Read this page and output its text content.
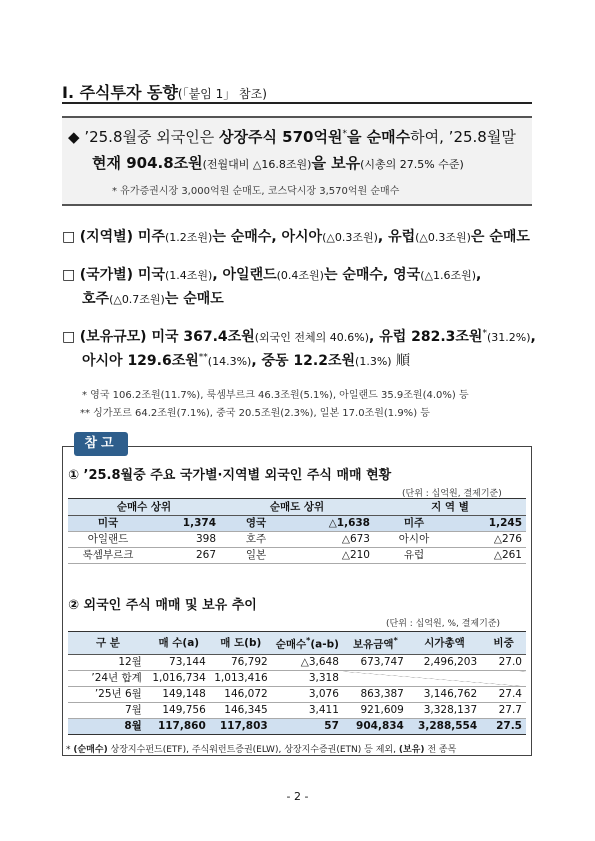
Ⅰ. 주식투자 동향(「붙임 1」 참조)
◆ ’25.8월중 외국인은 상장주식 570억원*을 순매수하여, ’25.8월말
현재 904.8조원(전월대비 △16.8조원)을 보유(시총의 27.5% 수준)
* 유가증권시장 3,000억원 순매도, 코스닥시장 3,570억원 순매수
□ (지역별) 미주(1.2조원)는 순매수, 아시아(△0.3조원), 유럽(△0.3조원)은 순매도
□ (국가별) 미국(1.4조원), 아일랜드(0.4조원)는 순매수, 영국(△1.6조원),
호주(△0.7조원)는 순매도
□ (보유규모) 미국 367.4조원(외국인 전체의 40.6%), 유럽 282.3조원*(31.2%),
아시아 129.6조원**(14.3%), 중동 12.2조원(1.3%) 順
* 영국 106.2조원(11.7%), 룩셈부르크 46.3조원(5.1%), 아일랜드 35.9조원(4.0%) 등
** 싱가포르 64.2조원(7.1%), 중국 20.5조원(2.3%), 일본 17.0조원(1.9%) 등
참고
① ’25.8월중 주요 국가별·지역별 외국인 주식 매매 현황
(단위 : 십억원, 결제기준)
순매수 상위		순매도 상위		지 역 별	
미국	1,374	영국	△1,638	미주	1,245
아일랜드	398	호주	△673	아시아	△276
룩셈부르크	267	일본	△210	유럽	△261
② 외국인 주식 매매 및 보유 추이
(단위 : 십억원, %, 결제기준)
구 분	매 수(a)	매 도(b)	순매수*(a-b)	보유금액*	시가총액	비중
12월	73,144	76,792	△3,648	673,747	2,496,203	27.0
’24년 합계	1,016,734	1,013,416	3,318			
’25년 6월	149,148	146,072	3,076	863,387	3,146,762	27.4
7월	149,756	146,345	3,411	921,609	3,328,137	27.7
8월	117,860	117,803	57	904,834	3,288,554	27.5
* (순매수) 상장지수펀드(ETF), 주식워런트증권(ELW), 상장지수증권(ETN) 등 제외, (보유) 전 종목
- 2 -
